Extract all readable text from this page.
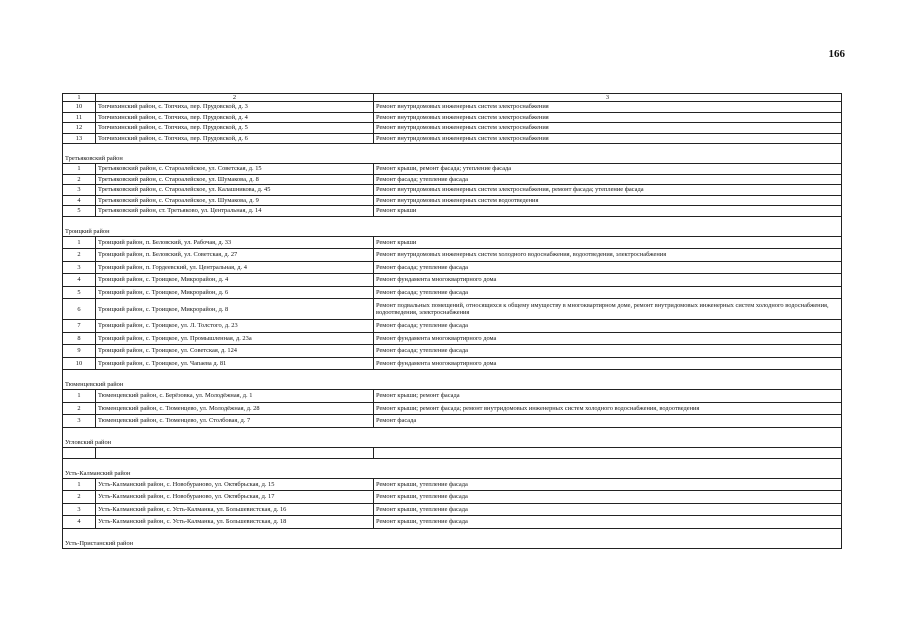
166
1	2	3
10	Топчихинский район, с. Топчиха, пер. Прудовской, д. 3	Ремонт внутридомовых инженерных систем электроснабжения
11	Топчихинский район, с. Топчиха, пер. Прудовской, д. 4	Ремонт внутридомовых инженерных систем электроснабжения
12	Топчихинский район, с. Топчиха, пер. Прудовской, д. 5	Ремонт внутридомовых инженерных систем электроснабжения
13	Топчихинский район, с. Топчиха, пер. Прудовской, д. 6	Ремонт внутридомовых инженерных систем электроснабжения

Третьяковский район		
1	Третьяковский район, с. Староалейское, ул. Советская, д. 15	Ремонт крыши, ремонт фасада; утепление фасада
2	Третьяковский район, с. Староалейское, ул. Шумакова, д. 8	Ремонт фасада; утепление фасада
3	Третьяковский район, с. Староалейское, ул. Калашникова, д. 45	Ремонт внутридомовых инженерных систем электроснабжения, ремонт фасада; утепление фасада
4	Третьяковский район, с. Староалейское, ул. Шумакова, д. 9	Ремонт внутридомовых инженерных систем водоотведения
5	Третьяковский район, ст. Третьяково, ул. Центральная, д. 14	Ремонт крыши

Троицкий район		
1	Троицкий район, п. Беловский, ул. Рабочая, д. 33	Ремонт крыши
2	Троицкий район, п. Беловский, ул. Советская, д. 27	Ремонт внутридомовых инженерных систем холодного водоснабжения, водоотведения, электроснабжения
3	Троицкий район, п. Гордеевский, ул. Центральная, д. 4	Ремонт фасада; утепление фасада
4	Троицкий район, с. Троицкое, Микрорайон, д. 4	Ремонт фундамента многоквартирного дома
5	Троицкий район, с. Троицкое, Микрорайон, д. 6	Ремонт фасада; утепление фасада
6	Троицкий район, с. Троицкое, Микрорайон, д. 8	Ремонт подвальных помещений, относящихся к общему имуществу в многоквартирном доме, ремонт внутридомовых инженерных систем холодного водоснабжения, водоотведения, электроснабжения
7	Троицкий район, с. Троицкое, ул. Л. Толстого, д. 23	Ремонт фасада; утепление фасада
8	Троицкий район, с. Троицкое, ул. Промышленная, д. 23а	Ремонт фундамента многоквартирного дома
9	Троицкий район, с. Троицкое, ул. Советская, д. 124	Ремонт фасада; утепление фасада
10	Троицкий район, с. Троицкое, ул. Чапаева д. 81	Ремонт фундамента многоквартирного дома

Тюменцевский район		
1	Тюменцевский район, с. Берёзовка, ул. Молодёжная, д. 1	Ремонт крыши; ремонт фасада
2	Тюменцевский район, с. Тюменцево, ул. Молодёжная, д. 28	Ремонт крыши; ремонт фасада; ремонт внутридомовых инженерных систем холодного водоснабжения, водоотведения
3	Тюменцевский район, с. Тюменцево, ул. Столбовая, д. 7	Ремонт фасада

Угловский район		

Усть-Калманский район		
1	Усть-Калманский район, с. Новобураново, ул. Октябрьская, д. 15	Ремонт крыши, утепление фасада
2	Усть-Калманский район, с. Новобураново, ул. Октябрьская, д. 17	Ремонт крыши, утепление фасада
3	Усть-Калманский район, с. Усть-Калманка, ул. Большевистская, д. 16	Ремонт крыши, утепление фасада
4	Усть-Калманский район, с. Усть-Калманка, ул. Большевистская, д. 18	Ремонт крыши, утепление фасада

Усть-Пристанский район		
